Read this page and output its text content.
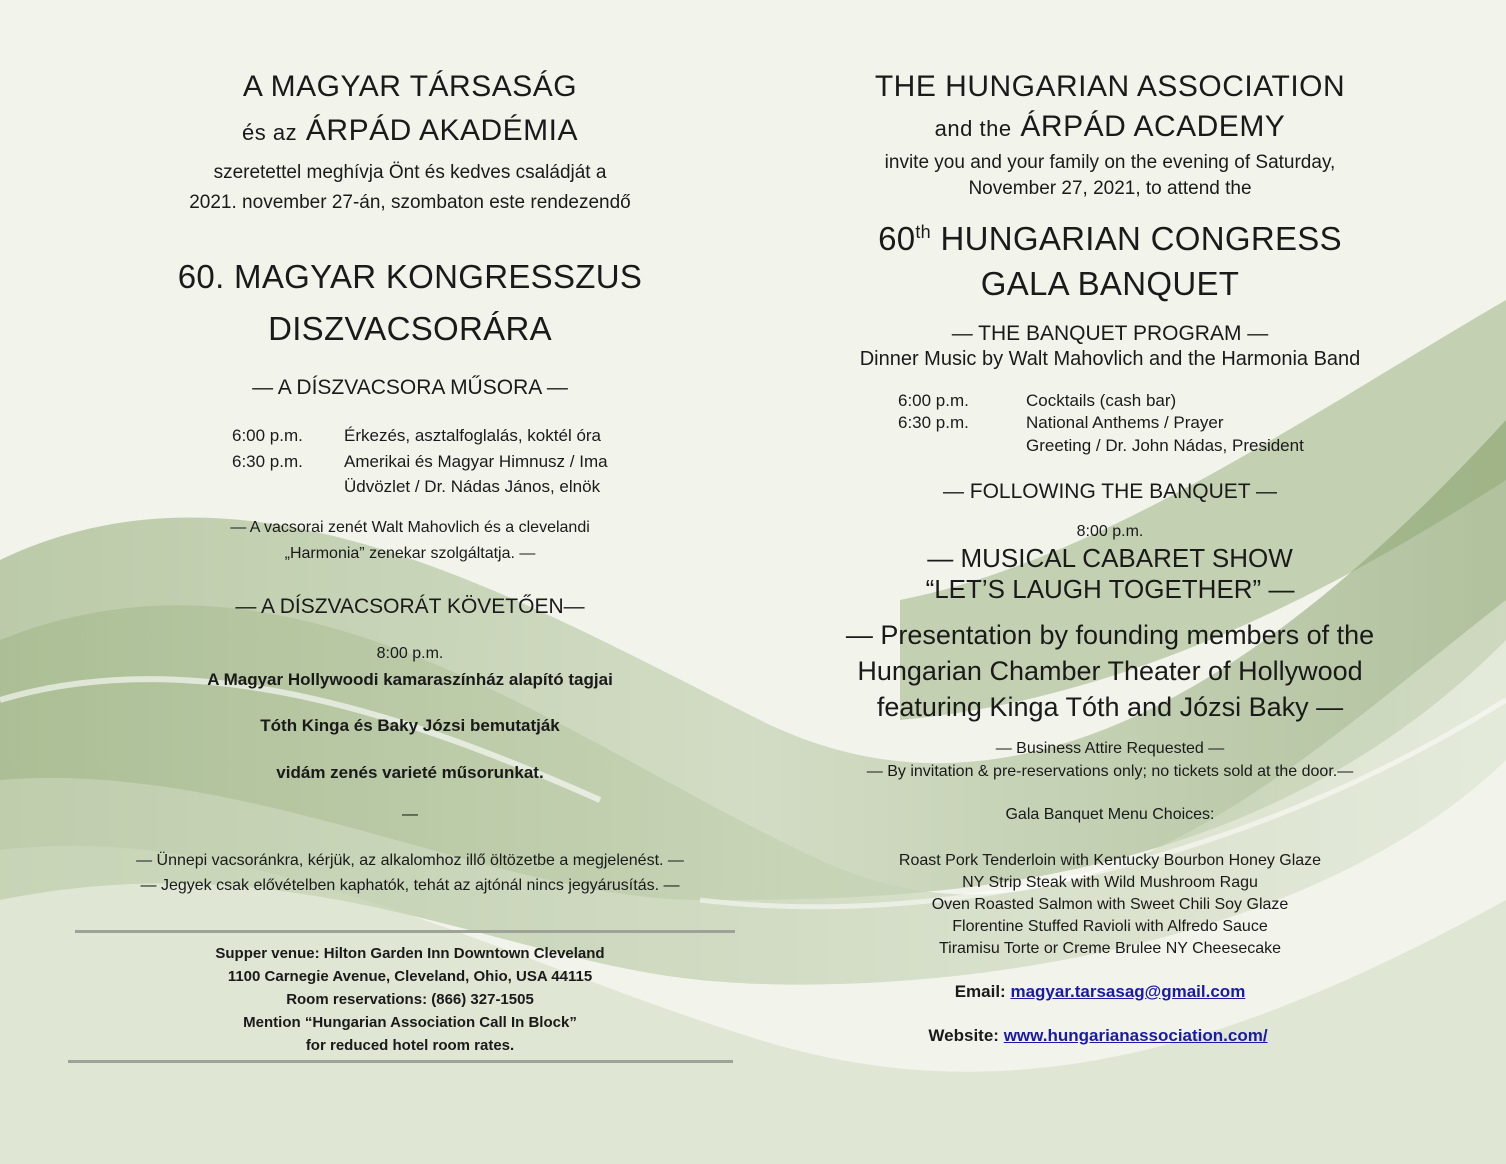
A MAGYAR TÁRSASÁG
és az ÁRPÁD AKADÉMIA
szeretettel meghívja Önt és kedves családját a
2021. november 27-án, szombaton este rendezendő
60. MAGYAR KONGRESSZUS
DISZVACSORÁRA
— A DÍSZVACSORA MŰSORA —
6:00 p.m.	Érkezés, asztalfoglalás, koktél óra
6:30 p.m.	Amerikai és Magyar Himnusz / Ima
Üdvözlet / Dr. Nádas János, elnök
— A vacsorai zenét Walt Mahovlich és a clevelandi
„Harmonia” zenekar szolgáltatja. —
— A DÍSZVACSORÁT KÖVETŐEN—
8:00 p.m.
A Magyar Hollywoodi kamaraszínház alapító tagjai
Tóth Kinga és Baky Józsi bemutatják
vidám zenés varieté műsorunkat.
—
— Ünnepi vacsoránkra, kérjük, az alkalomhoz illő öltözetbe a megjelenést. —
— Jegyek csak elővételben kaphatók, tehát az ajtónál nincs jegyárusítás. —
Supper venue: Hilton Garden Inn Downtown Cleveland
1100 Carnegie Avenue, Cleveland, Ohio, USA 44115
Room reservations: (866) 327-1505
Mention “Hungarian Association Call In Block”
for reduced hotel room rates.
THE HUNGARIAN ASSOCIATION
and the ÁRPÁD ACADEMY
invite you and your family on the evening of Saturday,
November 27, 2021, to attend the
60th HUNGARIAN CONGRESS
GALA BANQUET
— THE BANQUET PROGRAM —
Dinner Music by Walt Mahovlich and the Harmonia Band
6:00 p.m.	Cocktails (cash bar)
6:30 p.m.	National Anthems / Prayer
Greeting / Dr. John Nádas, President
— FOLLOWING THE BANQUET —
8:00 p.m.
— MUSICAL CABARET SHOW
“LET’S LAUGH TOGETHER” —
— Presentation by founding members of the
Hungarian Chamber Theater of Hollywood
featuring Kinga Tóth and Józsi Baky —
— Business Attire Requested —
— By invitation & pre-reservations only; no tickets sold at the door.—
Gala Banquet Menu Choices:
Roast Pork Tenderloin with Kentucky Bourbon Honey Glaze
NY Strip Steak with Wild Mushroom Ragu
Oven Roasted Salmon with Sweet Chili Soy Glaze
Florentine Stuffed Ravioli with Alfredo Sauce
Tiramisu Torte or Creme Brulee NY Cheesecake
Email: magyar.tarsasag@gmail.com
Website: www.hungarianassociation.com/
